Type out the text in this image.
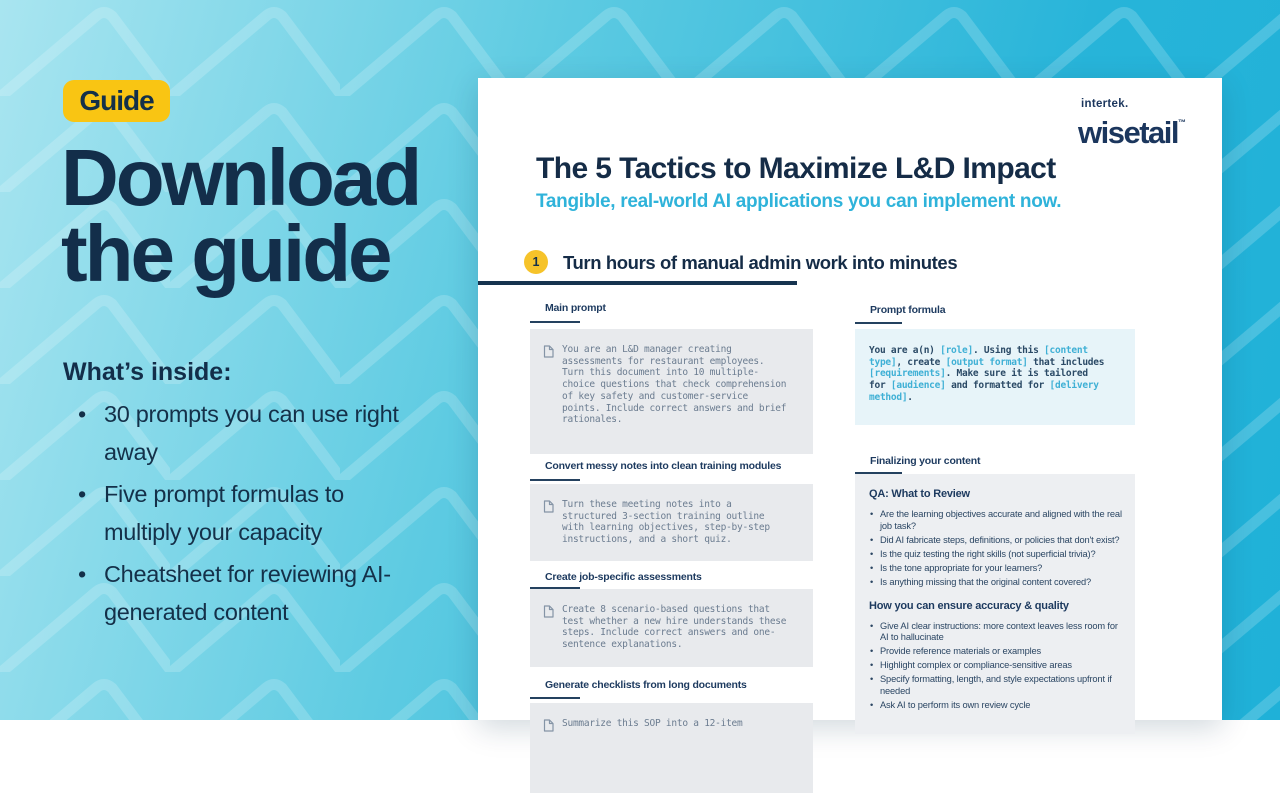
Guide
Download
the guide
What’s inside:
• 30 prompts you can use right away
• Five prompt formulas to multiply your capacity
• Cheatsheet for reviewing AI-generated content
intertek.
wisetail™
The 5 Tactics to Maximize L&D Impact
Tangible, real-world AI applications you can implement now.
1	Turn hours of manual admin work into minutes
Main prompt
You are an L&D manager creating assessments for restaurant employees. Turn this document into 10 multiple-choice questions that check comprehension of key safety and customer-service points. Include correct answers and brief rationales.
Convert messy notes into clean training modules
Turn these meeting notes into a structured 3-section training outline with learning objectives, step-by-step instructions, and a short quiz.
Create job-specific assessments
Create 8 scenario-based questions that test whether a new hire understands these steps. Include correct answers and one-sentence explanations.
Generate checklists from long documents
Summarize this SOP into a 12-item
Prompt formula
You are a(n) [role]. Using this [content type], create [output format] that includes [requirements]. Make sure it is tailored for [audience] and formatted for [delivery method].
Finalizing your content
QA: What to Review
• Are the learning objectives accurate and aligned with the real job task?
• Did AI fabricate steps, definitions, or policies that don't exist?
• Is the quiz testing the right skills (not superficial trivia)?
• Is the tone appropriate for your learners?
• Is anything missing that the original content covered?
How you can ensure accuracy & quality
• Give AI clear instructions: more context leaves less room for AI to hallucinate
• Provide reference materials or examples
• Highlight complex or compliance-sensitive areas
• Specify formatting, length, and style expectations upfront if needed
• Ask AI to perform its own review cycle
